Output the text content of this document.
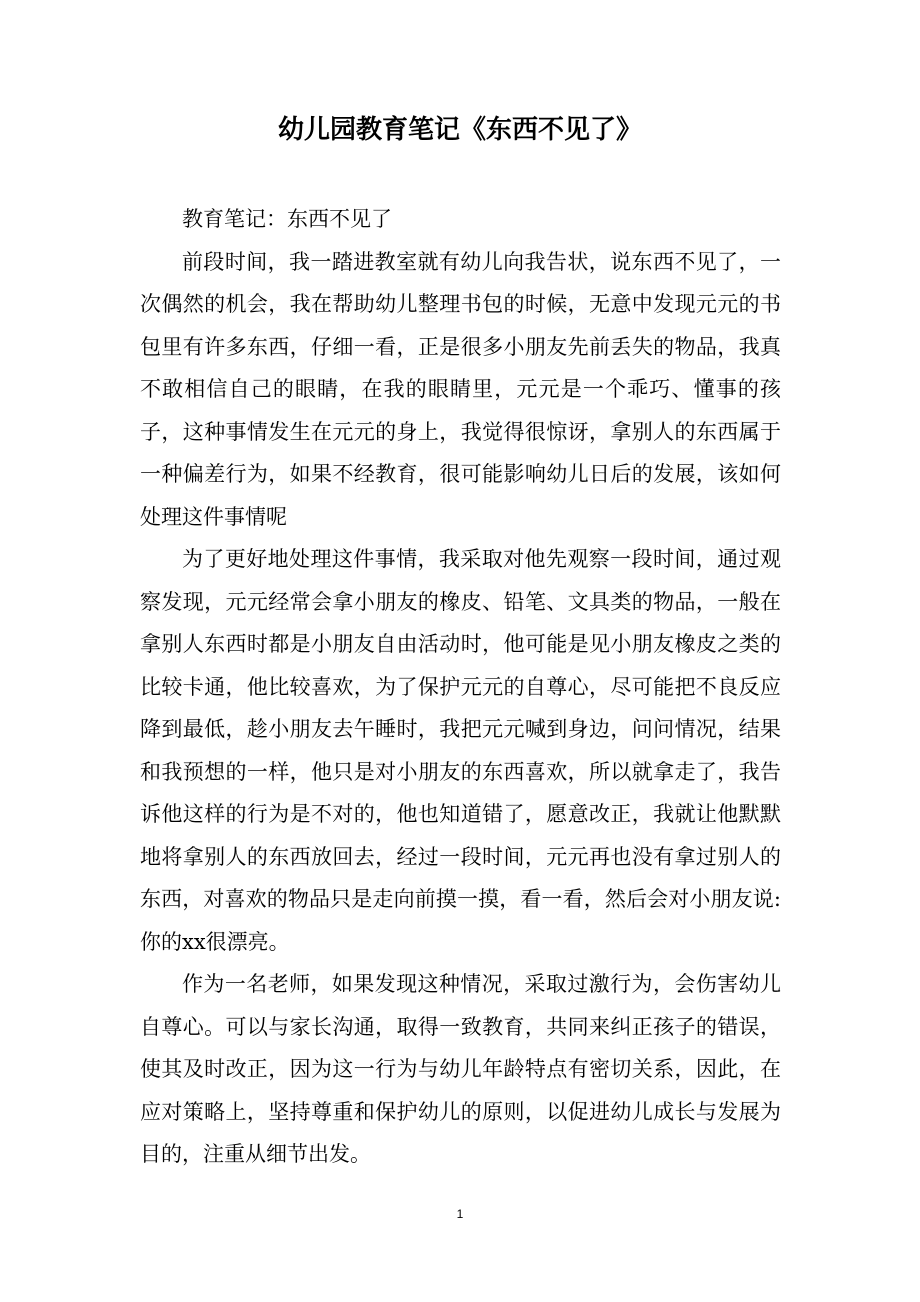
幼儿园教育笔记《东西不见了》

教育笔记：东西不见了

前段时间，我一踏进教室就有幼儿向我告状，说东西不见了，一次偶然的机会，我在帮助幼儿整理书包的时候，无意中发现元元的书包里有许多东西，仔细一看，正是很多小朋友先前丢失的物品，我真不敢相信自己的眼睛，在我的眼睛里，元元是一个乖巧、懂事的孩子，这种事情发生在元元的身上，我觉得很惊讶，拿别人的东西属于一种偏差行为，如果不经教育，很可能影响幼儿日后的发展，该如何处理这件事情呢

为了更好地处理这件事情，我采取对他先观察一段时间，通过观察发现，元元经常会拿小朋友的橡皮、铅笔、文具类的物品，一般在拿别人东西时都是小朋友自由活动时，他可能是见小朋友橡皮之类的比较卡通，他比较喜欢，为了保护元元的自尊心，尽可能把不良反应降到最低，趁小朋友去午睡时，我把元元喊到身边，问问情况，结果和我预想的一样，他只是对小朋友的东西喜欢，所以就拿走了，我告诉他这样的行为是不对的，他也知道错了，愿意改正，我就让他默默地将拿别人的东西放回去，经过一段时间，元元再也没有拿过别人的东西，对喜欢的物品只是走向前摸一摸，看一看，然后会对小朋友说:你的xx很漂亮。

作为一名老师，如果发现这种情况，采取过激行为，会伤害幼儿自尊心。可以与家长沟通，取得一致教育，共同来纠正孩子的错误，使其及时改正，因为这一行为与幼儿年龄特点有密切关系，因此，在应对策略上，坚持尊重和保护幼儿的原则，以促进幼儿成长与发展为目的，注重从细节出发。

1
